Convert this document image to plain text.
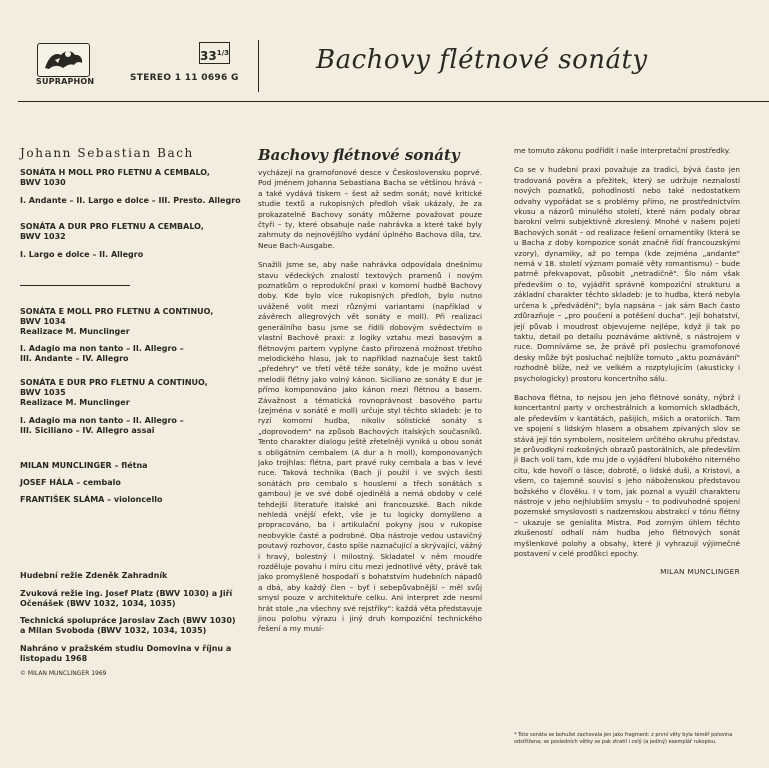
SUPRAPHON
$33^{1/3}$
STEREO 1 11 0696 G
Bachovy flétnové sonáty
Johann Sebastian Bach
SONÁTA H MOLL PRO FLETNU A CEMBALO,
BWV 1030
I. Andante – II. Largo e dolce – III. Presto. Allegro
SONÁTA A DUR PRO FLETNU A CEMBALO,
BWV 1032
I. Largo e dolce – II. Allegro
SONÁTA E MOLL PRO FLETNU A CONTINUO,
BWV 1034
Realizace M. Munclinger
I. Adagio ma non tanto – II. Allegro –
III. Andante – IV. Allegro
SONÁTA E DUR PRO FLETNU A CONTINUO,
BWV 1035
Realizace M. Munclinger
I. Adagio ma non tanto – II. Allegro –
III. Siciliano – IV. Allegro assai
MILAN MUNCLINGER – flétna
JOSEF HÁLA – cembalo
FRANTIŠEK SLÁMA – violoncello
Hudební režie Zdeněk Zahradník
Zvuková režie ing. Josef Platz (BWV 1030) a Jiří
Očenášek (BWV 1032, 1034, 1035)
Technická spolupráce Jaroslav Zach (BWV 1030)
a Milan Svoboda (BWV 1032, 1034, 1035)
Nahráno v pražském studiu Domovina v říjnu a
listopadu 1968
© MILAN MUNCLINGER 1969
Bachovy flétnové sonáty

vycházejí na gramofonové desce v Československu poprvé. Pod jménem Johanna Sebastiana Bacha se většinou hrává – a také vydává tiskem – šest až sedm sonát; nové kritické studie textů a rukopisných předloh však ukázaly, že za prokazatelně Bachovy sonáty můžeme považovat pouze čtyři – ty, které obsahuje naše nahrávka a které také byly zahrnuty do nejnovějšího vydání úplného Bachova díla, tzv. Neue Bach-Ausgabe.

Snažili jsme se, aby naše nahrávka odpovídala dnešnímu stavu vědeckých znalostí textových pramenů i novým poznatkům o reprodukční praxi v komorní hudbě Bachovy doby. Kde bylo více rukopisných předloh, bylo nutno uváženě volit mezi různými variantami (například v závěrech allegrových vět sonáty e moll). Při realizaci generálního basu jsme se řídili dobovým svědectvím o vlastní Bachově praxi: z logiky vztahu mezi basovým a flétnovým partem vyplyne často přirozená možnost třetího melodického hlasu, jak to například naznačuje šest taktů „předehry" ve třetí větě téže sonáty, kde je možno uvést melodii flétny jako volný kánon. Siciliano ze sonáty E dur je přímo komponováno jako kánon mezi flétnou a basem. Závažnost a tématická rovnoprávnost basového partu (zejména v sonátě e moll) určuje styl těchto skladeb: je to ryzí komorní hudba, nikoliv sólistické sonáty s „doprovodem" na způsob Bachových italských současníků. Tento charakter dialogu ještě zřetelněji vyniká u obou sonát s obligátním cembalem (A dur a h moll), komponovaných jako trojhlas: flétna, part pravé ruky cembala a bas v levé ruce. Taková technika (Bach ji použil i ve svých šesti sonátách pro cembalo s houslemi a třech sonátách s gambou) je ve své době ojedinělá a nemá obdoby v celé tehdejší literatuře italské ani francouzské. Bach nikde nehledá vnější efekt, vše je tu logicky domyšleno a propracováno, ba i artikulační pokyny jsou v rukopise neobvykle časté a podrobné. Oba nástroje vedou ustavičný poutavý rozhovor, často spíše naznačující a skrývající, vážný i hravý, bolestný i milostný. Skladatel v něm moudře rozděluje povahu i míru citu mezi jednotlivé věty, právě tak jako promyšleně hospodaří s bohatstvím hudebních nápadů a dbá, aby každý člen – byť i sebepůvabnější – měl svůj smysl pouze v architektuře celku. Ani interpret zde nesmí hrát stole „na všechny své rejstříky": každá věta představuje jinou polohu výrazu i jiný druh kompoziční technického řešení a my musí-

me tomuto zákonu podřídit i naše interpretační prostředky.

Co se v hudební praxi považuje za tradici, bývá často jen tradovaná pověra a přežitek, který se udržuje neznalostí nových poznatků, pohodlností nebo také nedostatkem odvahy vypořádat se s problémy přímo, ne prostřednictvím vkusu a názorů minulého století, které nám podaly obraz barokní velmi subjektivně zkreslený. Mnohé v našem pojetí Bachových sonát – od realizace řešení ornamentiky (která se u Bacha z doby kompozice sonát značně řídí francouzskými vzory), dynamiky, až po tempa (kde zejména „andante" nemá v 18. století význam pomalé věty romantismu) – bude patrně překvapovat, působit „netradičně". Šlo nám však především o to, vyjádřit správně kompoziční strukturu a základní charakter těchto skladeb: je to hudba, která nebyla určena k „předvádění"; byla napsána – jak sám Bach často zdůrazňuje – „pro poučení a potěšení ducha". Její bohatství, její půvab i moudrost objevujeme nejlépe, když ji tak po taktu, detail po detailu poznáváme aktivně, s nástrojem v ruce. Domníváme se, že právě při poslechu gramofonové desky může být posluchač nejblíže tomuto „aktu poznávání" rozhodně blíže, než ve velkém a rozptylujícím (akusticky i psychologicky) prostoru koncertního sálu.

Bachova flétna, to nejsou jen jeho flétnové sonáty, nýbrž i koncertantní party v orchestrálních a komorních skladbách, ale především v kantátách, pašijích, mších a oratoriích. Tam ve spojení s lidským hlasem a obsahem zpívaných slov se stává její tón symbolem, nositelem určitého okruhu představ. Je průvodkyní rozkošných obrazů pastorálních, ale především ji Bach volí tam, kde mu jde o vyjádření hlubokého niterného citu, kde hovoří o lásce; dobrotě, o lidské duši, a Kristovi, a všem, co tajemně souvisí s jeho náboženskou představou božského v člověku. I v tom, jak poznal a využil charakteru nástroje v jeho nejhlubším smyslu – to podivuhodné spojení pozemské smyslovosti s nadzemskou abstrakcí v tónu flétny – ukazuje se genialita Mistra. Pod zorným úhlem těchto zkušeností odhalí nám hudba jeho flétnových sonát myšlenkové polohy a obsahy, které ji vyhrazují výjimečné postavení v celé prodůkci epochy.

MILAN MUNCLINGER
* Toto sonáta se bohužel zachovala jen jako fragment: z první věty byla téměř polovina odstřižena; se posledních větky se pak ztratil i celý (a jediný) exemplář rukopisu.
